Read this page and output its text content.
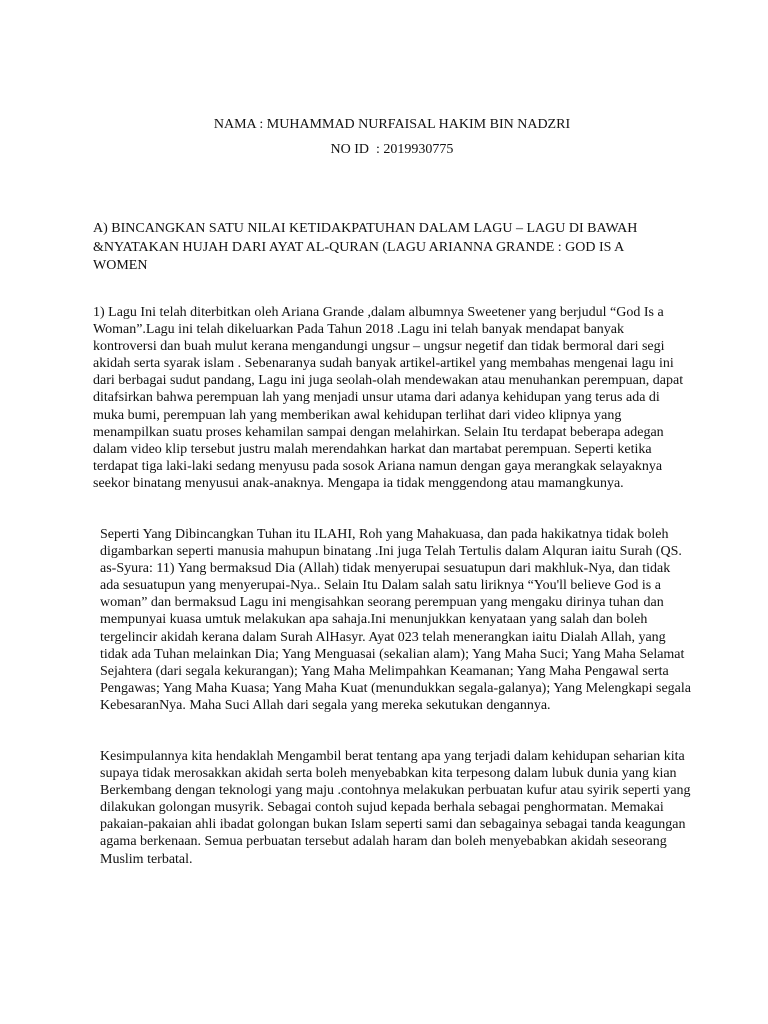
NAMA : MUHAMMAD NURFAISAL HAKIM BIN NADZRI
NO ID  : 2019930775
A) BINCANGKAN SATU NILAI KETIDAKPATUHAN DALAM LAGU – LAGU DI BAWAH &NYATAKAN HUJAH DARI AYAT AL-QURAN (LAGU ARIANNA GRANDE : GOD IS A WOMEN

1) Lagu Ini telah diterbitkan oleh Ariana Grande ,dalam albumnya Sweetener yang berjudul “God Is a Woman”.Lagu ini telah dikeluarkan Pada Tahun 2018 .Lagu ini telah banyak mendapat banyak kontroversi dan buah mulut kerana mengandungi ungsur – ungsur negetif dan tidak bermoral dari segi akidah serta syarak islam . Sebenaranya sudah banyak artikel-artikel yang membahas mengenai lagu ini dari berbagai sudut pandang, Lagu ini juga seolah-olah mendewakan atau menuhankan perempuan, dapat ditafsirkan bahwa perempuan lah yang menjadi unsur utama dari adanya kehidupan yang terus ada di muka bumi, perempuan lah yang memberikan awal kehidupan terlihat dari video klipnya yang menampilkan suatu proses kehamilan sampai dengan melahirkan. Selain Itu terdapat beberapa adegan dalam video klip tersebut justru malah merendahkan harkat dan martabat perempuan. Seperti ketika terdapat tiga laki-laki sedang menyusu pada sosok Ariana namun dengan gaya merangkak selayaknya seekor binatang menyusui anak-anaknya. Mengapa ia tidak menggendong atau mamangkunya.

Seperti Yang Dibincangkan Tuhan itu ILAHI, Roh yang Mahakuasa, dan pada hakikatnya tidak boleh digambarkan seperti manusia mahupun binatang .Ini juga Telah Tertulis dalam Alquran iaitu Surah (QS. as-Syura: 11) Yang bermaksud Dia (Allah) tidak menyerupai sesuatupun dari makhluk-Nya, dan tidak ada sesuatupun yang menyerupai-Nya.. Selain Itu Dalam salah satu liriknya “You'll believe God is a woman” dan bermaksud Lagu ini mengisahkan seorang perempuan yang mengaku dirinya tuhan dan mempunyai kuasa umtuk melakukan apa sahaja.Ini menunjukkan kenyataan yang salah dan boleh tergelincir akidah kerana dalam Surah AlHasyr. Ayat 023 telah menerangkan iaitu Dialah Allah, yang tidak ada Tuhan melainkan Dia; Yang Menguasai (sekalian alam); Yang Maha Suci; Yang Maha Selamat Sejahtera (dari segala kekurangan); Yang Maha Melimpahkan Keamanan; Yang Maha Pengawal serta Pengawas; Yang Maha Kuasa; Yang Maha Kuat (menundukkan segala-galanya); Yang Melengkapi segala KebesaranNya. Maha Suci Allah dari segala yang mereka sekutukan dengannya.

Kesimpulannya kita hendaklah Mengambil berat tentang apa yang terjadi dalam kehidupan seharian kita supaya tidak merosakkan akidah serta boleh menyebabkan kita terpesong dalam lubuk dunia yang kian Berkembang dengan teknologi yang maju .contohnya melakukan perbuatan kufur atau syirik seperti yang dilakukan golongan musyrik. Sebagai contoh sujud kepada berhala sebagai penghormatan. Memakai pakaian-pakaian ahli ibadat golongan bukan Islam seperti sami dan sebagainya sebagai tanda keagungan agama berkenaan. Semua perbuatan tersebut adalah haram dan boleh menyebabkan akidah seseorang Muslim terbatal.
